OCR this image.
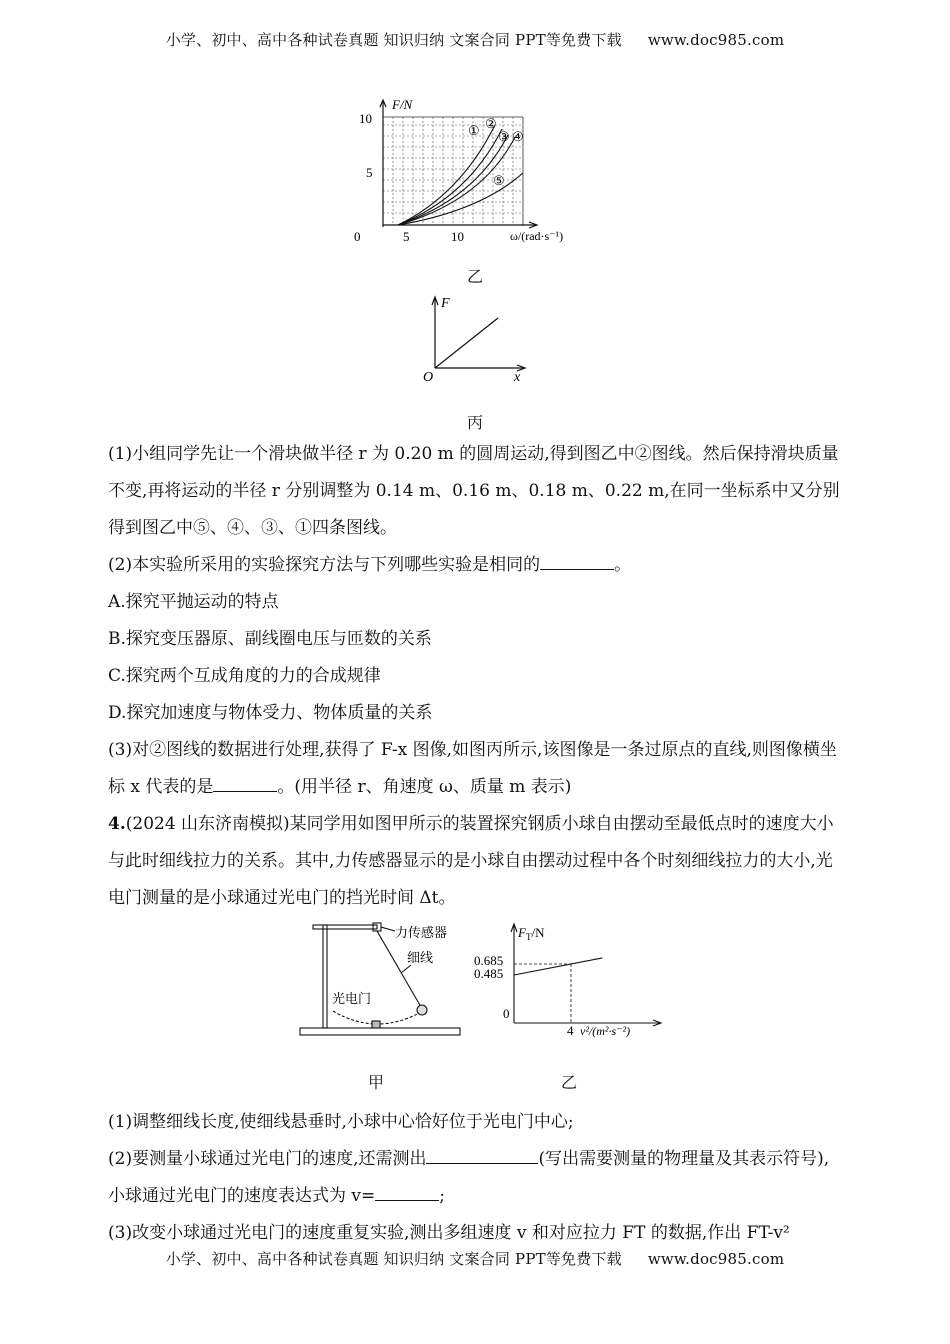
小学、初中、高中各种试卷真题 知识归纳 文案合同 PPT等免费下载 www.doc985.com
F/N
10
5
0	5	10	ω/(rad·s⁻¹)
① ②
③ ④
⑤
乙
F
O	x
丙

(1)小组同学先让一个滑块做半径 r 为 0.20 m 的圆周运动,得到图乙中②图线。然后保持滑块质量不变,再将运动的半径 r 分别调整为 0.14 m、0.16 m、0.18 m、0.22 m,在同一坐标系中又分别得到图乙中⑤、④、③、①四条图线。

(2)本实验所采用的实验探究方法与下列哪些实验是相同的	。

A.探究平抛运动的特点

B.探究变压器原、副线圈电压与匝数的关系

C.探究两个互成角度的力的合成规律

D.探究加速度与物体受力、物体质量的关系

(3)对②图线的数据进行处理,获得了 F-x 图像,如图丙所示,该图像是一条过原点的直线,则图像横坐标 x 代表的是	。(用半径 r、角速度 ω、质量 m 表示)

4.(2024 山东济南模拟)某同学用如图甲所示的装置探究钢质小球自由摆动至最低点时的速度大小与此时细线拉力的关系。其中,力传感器显示的是小球自由摆动过程中各个时刻细线拉力的大小,光电门测量的是小球通过光电门的挡光时间 Δt。

力传感器
细线
光电门
甲
$F_T/N$
0.685
0.485
0
4 v²/(m²·s⁻²)
乙

(1)调整细线长度,使细线悬垂时,小球中心恰好位于光电门中心;

(2)要测量小球通过光电门的速度,还需测出	(写出需要测量的物理量及其表示符号),小球通过光电门的速度表达式为 v=	;

(3)改变小球通过光电门的速度重复实验,测出多组速度 v 和对应拉力 FT 的数据,作出 FT-v²

小学、初中、高中各种试卷真题 知识归纳 文案合同 PPT等免费下载 www.doc985.com
